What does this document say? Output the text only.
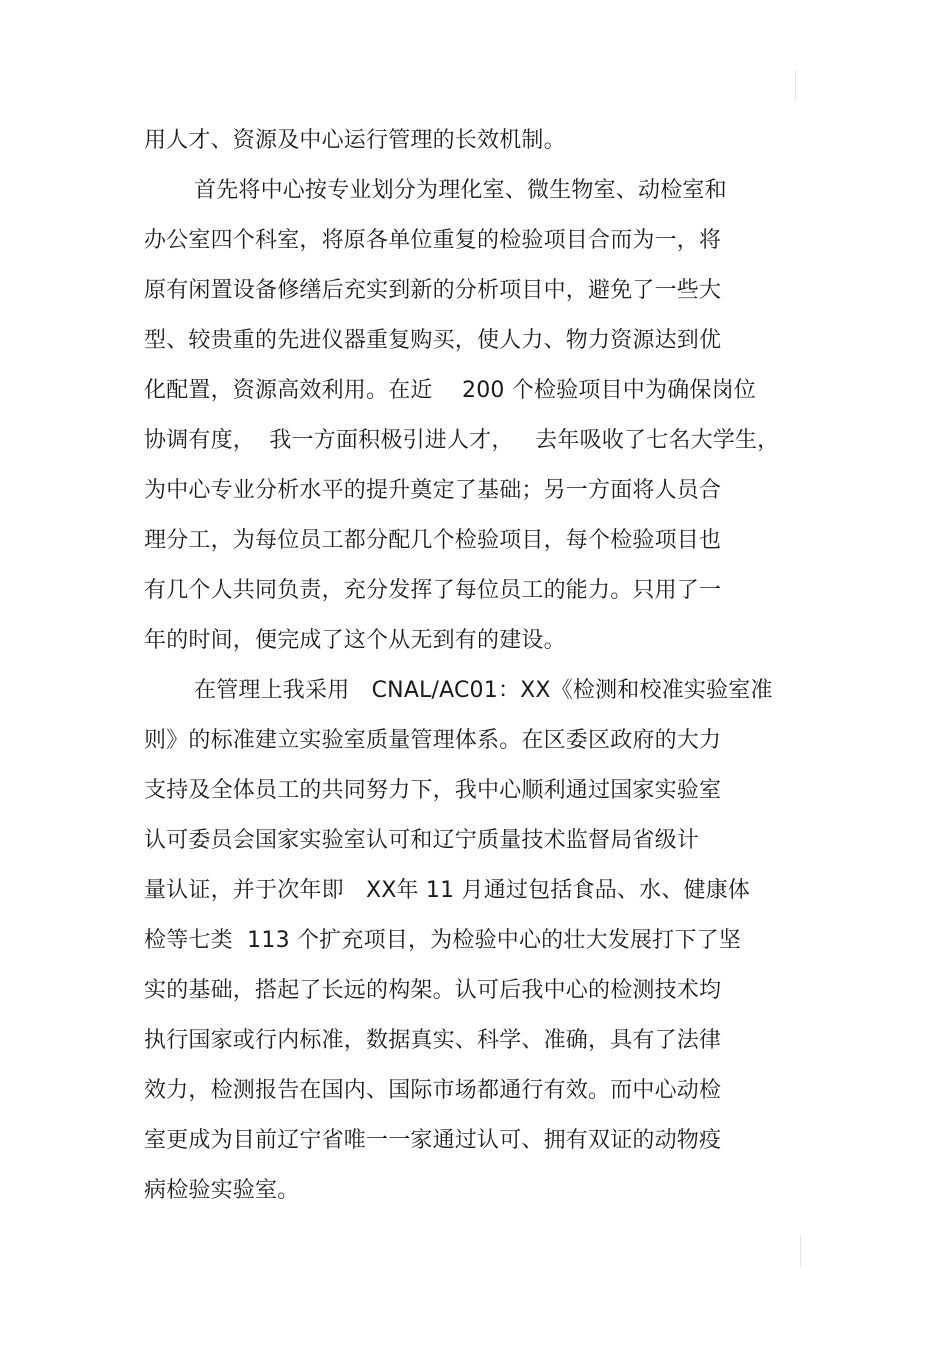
用人才、资源及中心运行管理的长效机制。
首先将中心按专业划分为理化室、微生物室、动检室和
办公室四个科室，将原各单位重复的检验项目合而为一，将
原有闲置设备修缮后充实到新的分析项目中，避免了一些大
型、较贵重的先进仪器重复购买，使人力、物力资源达到优
化配置，资源高效利用。在近　 200 个检验项目中为确保岗位
协调有度，  我一方面积极引进人才，   去年吸收了七名大学生，
为中心专业分析水平的提升奠定了基础；另一方面将人员合
理分工，为每位员工都分配几个检验项目，每个检验项目也
有几个人共同负责，充分发挥了每位员工的能力。只用了一
年的时间，便完成了这个从无到有的建设。
在管理上我采用　CNAL/AC01：XX《检测和校准实验室准
则》的标准建立实验室质量管理体系。在区委区政府的大力
支持及全体员工的共同努力下，我中心顺利通过国家实验室
认可委员会国家实验室认可和辽宁质量技术监督局省级计
量认证，并于次年即　XX年 11 月通过包括食品、水、健康体
检等七类  113 个扩充项目，为检验中心的壮大发展打下了坚
实的基础，搭起了长远的构架。认可后我中心的检测技术均
执行国家或行内标准，数据真实、科学、准确，具有了法律
效力，检测报告在国内、国际市场都通行有效。而中心动检
室更成为目前辽宁省唯一一家通过认可、拥有双证的动物疫
病检验实验室。
